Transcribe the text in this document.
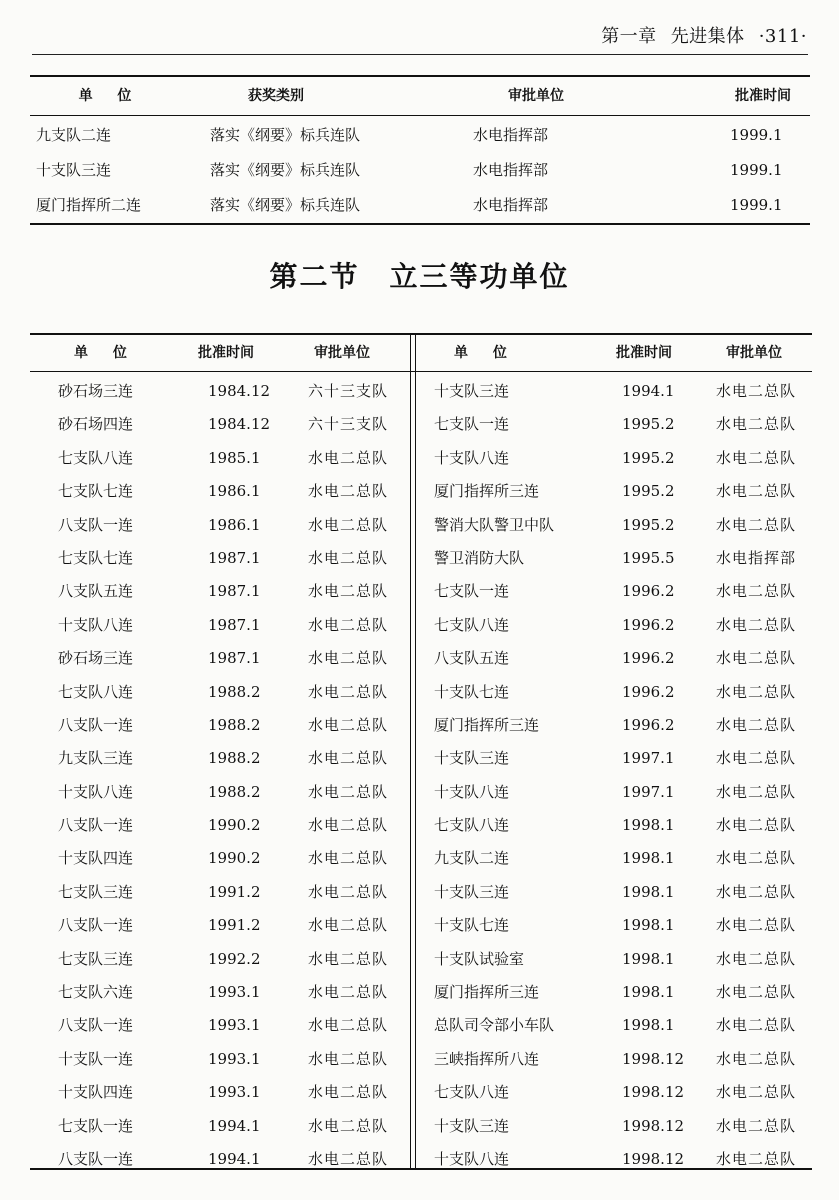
第一章 先进集体 ·311·
单 位	获奖类别	审批单位	批准时间
九支队二连	落实《纲要》标兵连队	水电指挥部	1999.1
十支队三连	落实《纲要》标兵连队	水电指挥部	1999.1
厦门指挥所二连	落实《纲要》标兵连队	水电指挥部	1999.1
第二节 立三等功单位
单 位	批准时间	审批单位
砂石场三连	1984.12	六十三支队
砂石场四连	1984.12	六十三支队
七支队八连	1985.1	水电二总队
七支队七连	1986.1	水电二总队
八支队一连	1986.1	水电二总队
七支队七连	1987.1	水电二总队
八支队五连	1987.1	水电二总队
十支队八连	1987.1	水电二总队
砂石场三连	1987.1	水电二总队
七支队八连	1988.2	水电二总队
八支队一连	1988.2	水电二总队
九支队三连	1988.2	水电二总队
十支队八连	1988.2	水电二总队
八支队一连	1990.2	水电二总队
十支队四连	1990.2	水电二总队
七支队三连	1991.2	水电二总队
八支队一连	1991.2	水电二总队
七支队三连	1992.2	水电二总队
七支队六连	1993.1	水电二总队
八支队一连	1993.1	水电二总队
十支队一连	1993.1	水电二总队
十支队四连	1993.1	水电二总队
七支队一连	1994.1	水电二总队
八支队一连	1994.1	水电二总队
单 位	批准时间	审批单位
十支队三连	1994.1	水电二总队
七支队一连	1995.2	水电二总队
十支队八连	1995.2	水电二总队
厦门指挥所三连	1995.2	水电二总队
警消大队警卫中队	1995.2	水电二总队
警卫消防大队	1995.5	水电指挥部
七支队一连	1996.2	水电二总队
七支队八连	1996.2	水电二总队
八支队五连	1996.2	水电二总队
十支队七连	1996.2	水电二总队
厦门指挥所三连	1996.2	水电二总队
十支队三连	1997.1	水电二总队
十支队八连	1997.1	水电二总队
七支队八连	1998.1	水电二总队
九支队二连	1998.1	水电二总队
十支队三连	1998.1	水电二总队
十支队七连	1998.1	水电二总队
十支队试验室	1998.1	水电二总队
厦门指挥所三连	1998.1	水电二总队
总队司令部小车队	1998.1	水电二总队
三峡指挥所八连	1998.12 水电二总队
七支队八连	1998.12 水电二总队
十支队三连	1998.12 水电二总队
十支队八连	1998.12 水电二总队
